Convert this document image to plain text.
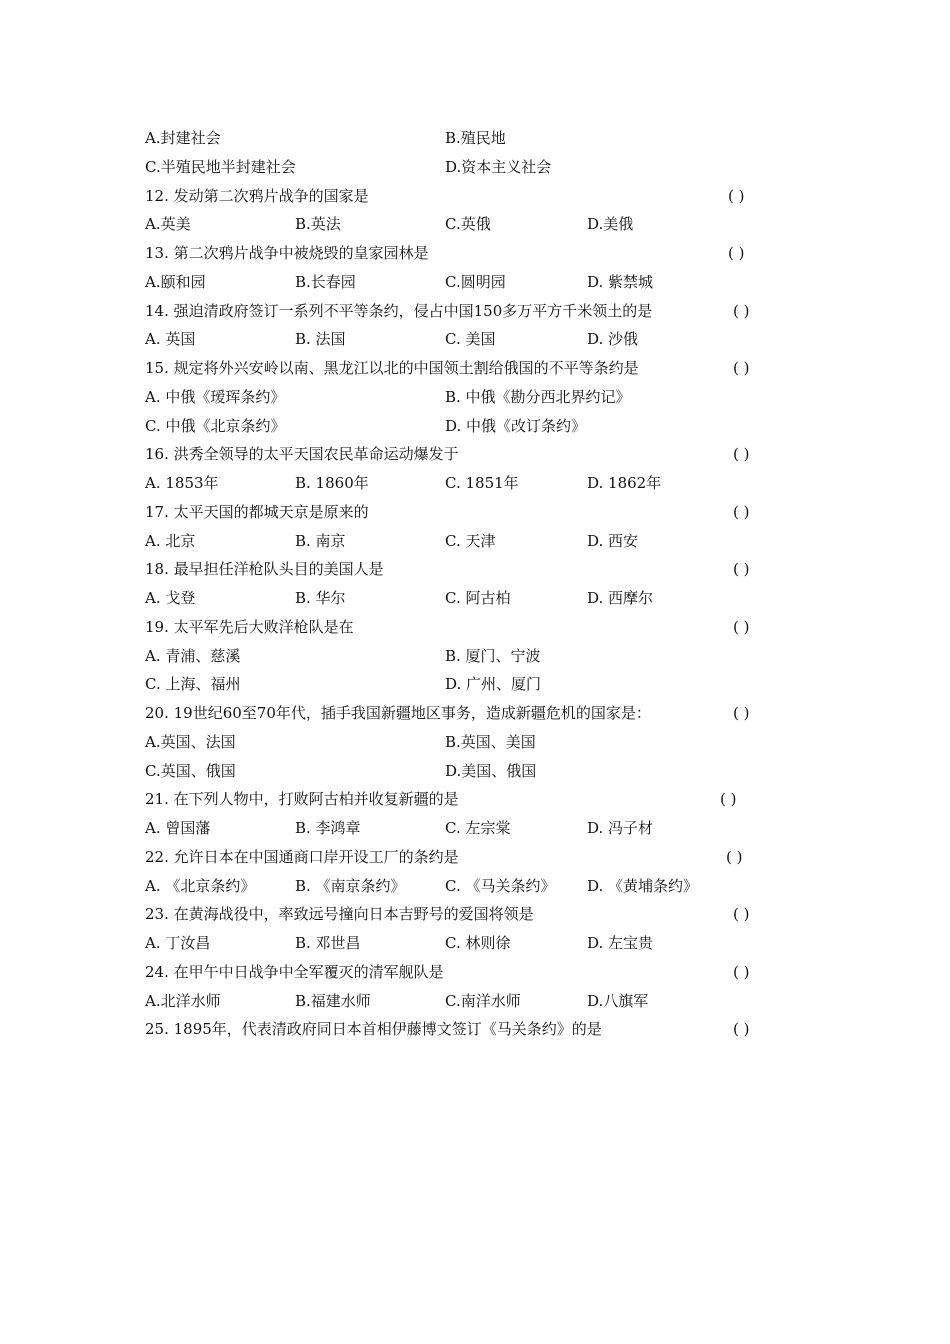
A.封建社会	B.殖民地
C.半殖民地半封建社会	D.资本主义社会
12. 发动第二次鸦片战争的国家是	( )
A.英美	B.英法	C.英俄	D.美俄
13. 第二次鸦片战争中被烧毁的皇家园林是	( )
A.颐和园	B.长春园	C.圆明园	D. 紫禁城
14. 强迫清政府签订一系列不平等条约，侵占中国150多万平方千米领土的是	( )
A. 英国	B. 法国	C. 美国	D. 沙俄
15. 规定将外兴安岭以南、黑龙江以北的中国领土割给俄国的不平等条约是	( )
A. 中俄《瑷珲条约》	B. 中俄《勘分西北界约记》
C. 中俄《北京条约》	D. 中俄《改订条约》
16. 洪秀全领导的太平天国农民革命运动爆发于	( )
A. 1853年	B. 1860年	C. 1851年	D. 1862年
17. 太平天国的都城天京是原来的	( )
A. 北京	B. 南京	C. 天津	D. 西安
18. 最早担任洋枪队头目的美国人是	( )
A. 戈登	B. 华尔	C. 阿古柏	D. 西摩尔
19. 太平军先后大败洋枪队是在	( )
A. 青浦、慈溪	B. 厦门、宁波
C. 上海、福州	D. 广州、厦门
20. 19世纪60至70年代，插手我国新疆地区事务，造成新疆危机的国家是：	( )
A.英国、法国	B.英国、美国
C.英国、俄国	D.美国、俄国
21. 在下列人物中，打败阿古柏并收复新疆的是	( )
A. 曾国藩	B. 李鸿章	C. 左宗棠	D. 冯子材
22. 允许日本在中国通商口岸开设工厂的条约是	( )
A. 《北京条约》	B. 《南京条约》	C. 《马关条约》 D. 《黄埔条约》
23. 在黄海战役中，率致远号撞向日本吉野号的爱国将领是	( )
A. 丁汝昌	B. 邓世昌	C. 林则徐	D. 左宝贵
24. 在甲午中日战争中全军覆灭的清军舰队是	( )
A.北洋水师	B.福建水师	C.南洋水师	D.八旗军
25. 1895年，代表清政府同日本首相伊藤博文签订《马关条约》的是	( )
